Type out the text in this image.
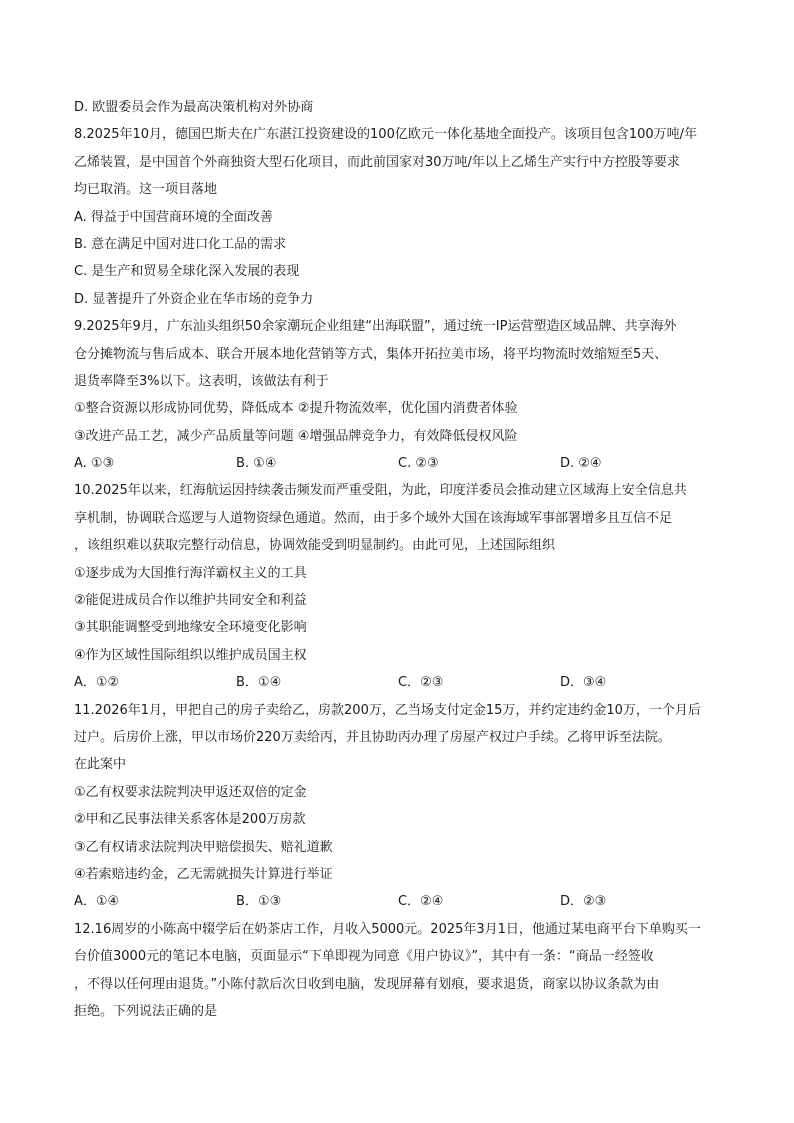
D. 欧盟委员会作为最高决策机构对外协商
8.2025年10月，德国巴斯夫在广东湛江投资建设的100亿欧元一体化基地全面投产。该项目包含100万吨/年
乙烯装置，是中国首个外商独资大型石化项目，而此前国家对30万吨/年以上乙烯生产实行中方控股等要求
均已取消。这一项目落地
A. 得益于中国营商环境的全面改善
B. 意在满足中国对进口化工品的需求
C. 是生产和贸易全球化深入发展的表现
D. 显著提升了外资企业在华市场的竞争力
9.2025年9月，广东汕头组织50余家潮玩企业组建“出海联盟”，通过统一IP运营塑造区域品牌、共享海外
仓分摊物流与售后成本、联合开展本地化营销等方式，集体开拓拉美市场，将平均物流时效缩短至5天、
退货率降至3%以下。这表明，该做法有利于
①整合资源以形成协同优势，降低成本 ②提升物流效率，优化国内消费者体验
③改进产品工艺，减少产品质量等问题 ④增强品牌竞争力，有效降低侵权风险
A. ①③	B. ①④	C. ②③	D. ②④
10.2025年以来，红海航运因持续袭击频发而严重受阻，为此，印度洋委员会推动建立区域海上安全信息共
享机制，协调联合巡逻与人道物资绿色通道。然而，由于多个域外大国在该海域军事部署增多且互信不足
，该组织难以获取完整行动信息，协调效能受到明显制约。由此可见，上述国际组织
①逐步成为大国推行海洋霸权主义的工具
②能促进成员合作以维护共同安全和利益
③其职能调整受到地缘安全环境变化影响
④作为区域性国际组织以维护成员国主权
A．①②	B．①④	C．②③	D．③④
11.2026年1月，甲把自己的房子卖给乙，房款200万，乙当场支付定金15万，并约定违约金10万，一个月后
过户。后房价上涨，甲以市场价220万卖给丙，并且协助丙办理了房屋产权过户手续。乙将甲诉至法院。
在此案中
①乙有权要求法院判决甲返还双倍的定金
②甲和乙民事法律关系客体是200万房款
③乙有权请求法院判决甲赔偿损失、赔礼道歉
④若索赔违约金，乙无需就损失计算进行举证
A．①④	B．①③	C．②④	D．②③
12.16周岁的小陈高中辍学后在奶茶店工作，月收入5000元。2025年3月1日，他通过某电商平台下单购买一
台价值3000元的笔记本电脑，页面显示“下单即视为同意《用户协议》”，其中有一条：“商品一经签收
，不得以任何理由退货。”小陈付款后次日收到电脑，发现屏幕有划痕，要求退货，商家以协议条款为由
拒绝。下列说法正确的是
